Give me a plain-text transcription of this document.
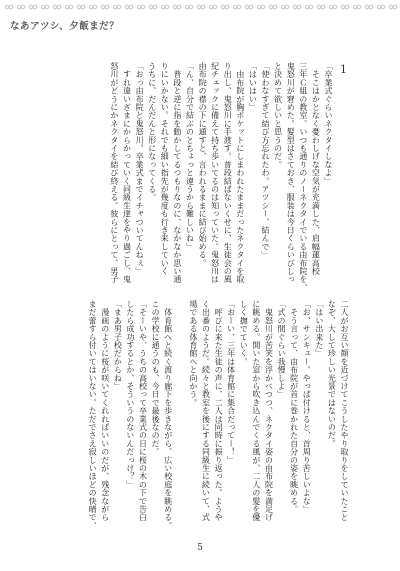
なあアツシ、夕飯まだ？
1

「卒業式ぐらいネクタイしなよ」

　そこはかとなく憂わしげな空気が充満した、肩幅蓮高校

三年Ｃ組の教室。いつも通りのノーネクタイでいる由布院を、

鬼怒川が窘めた。髪型はさておき、服装は今日くらいびしっ

と決めて欲しいと思うのだ。

「使わなすぎて結び方忘れたわ。アツシー、結んで」

「はいはい」

　由布院が胸ポケットにしまわれたままだったネクタイを取

り出し、鬼怒川に手渡す。普段結ばないくせに、生徒会の風

紀チェックに備えて持ち歩いてるのは知っていた。鬼怒川は

由布院の襟の下に通すと、言われるままに結び始める。

「ん、自分で結ぶのとちょっと違うから難しいね」

　普段と逆に指を動かしてるつもりなのに、なかなか思い通

りにいかない。それでも細い指先が幾度も行き来していく

うちに、だんだんと形になってくる。

「おっ由布院と鬼怒川、卒業式までイチャついてんねぇ」

　すれ違いざまにからかっていく同級生達をやり過ごし、鬼

怒川がどうにかネクタイを結び終える。彼らにとって、男子

二人がお互い顔を近づけてこうしたやり取りをしていたこと

なぞ、大して珍しい光景ではないのだ。

「はい出来た」

「お、サンキュー。やっぱ付けると、首周り苦しいよな」

　そう言って、由布院が首に巻かれた自分の姿を眺める。

「式の間ぐらい我慢しよ」

　鬼怒川が苦笑を浮かべつつ、ネクタイ姿の由布院を満足げ

に眺める。開いた窓から吹き込んでくる風が、二人の髪を優

しく撫でていく。

「おーい、三年は体育館に集合だってー！」

　呼びに来た生徒の声に、二人は同時に振り返った。ようや

く出番のようだ。続々と教室を後にする同級生に続いて、式

場である体育館へと向かう。

　体育館へと続く渡り廊下を歩きながら、広い校庭を眺める。

この学校に通うのも、今日で最後なのだ。

「そーいや、うちの高校って卒業式の日に桜の木の下で告白

したら成功するとか、そういうのないんだっけ？」

「まあ男子校だからね」

　漫画のように桜が咲いてくれればいいのだが、残念ながら

まだ蕾すら付いてはいない。ただでさえ寂しいほどの快晴で、

5
